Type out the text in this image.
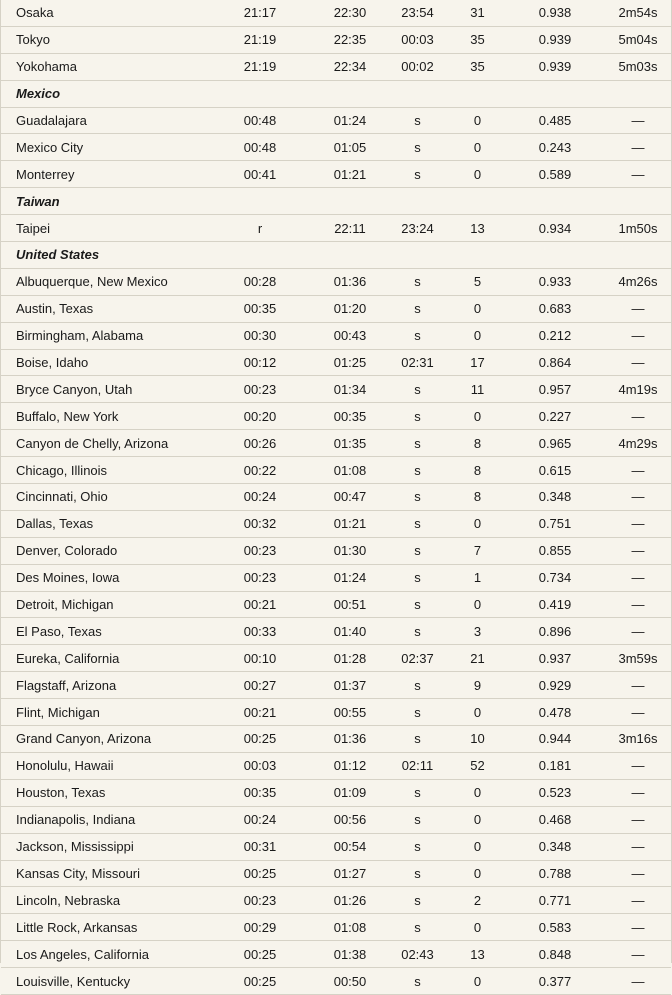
Osaka	21:17	22:30	23:54	31	0.938	2m54s
Tokyo	21:19	22:35	00:03	35	0.939	5m04s
Yokohama	21:19	22:34	00:02	35	0.939	5m03s
Mexico						
Guadalajara	00:48	01:24	s	0	0.485	—
Mexico City	00:48	01:05	s	0	0.243	—
Monterrey	00:41	01:21	s	0	0.589	—
Taiwan						
Taipei	r	22:11	23:24	13	0.934	1m50s
United States						
Albuquerque, New Mexico	00:28	01:36	s	5	0.933	4m26s
Austin, Texas	00:35	01:20	s	0	0.683	—
Birmingham, Alabama	00:30	00:43	s	0	0.212	—
Boise, Idaho	00:12	01:25	02:31	17	0.864	—
Bryce Canyon, Utah	00:23	01:34	s	11	0.957	4m19s
Buffalo, New York	00:20	00:35	s	0	0.227	—
Canyon de Chelly, Arizona	00:26	01:35	s	8	0.965	4m29s
Chicago, Illinois	00:22	01:08	s	8	0.615	—
Cincinnati, Ohio	00:24	00:47	s	8	0.348	—
Dallas, Texas	00:32	01:21	s	0	0.751	—
Denver, Colorado	00:23	01:30	s	7	0.855	—
Des Moines, Iowa	00:23	01:24	s	1	0.734	—
Detroit, Michigan	00:21	00:51	s	0	0.419	—
El Paso, Texas	00:33	01:40	s	3	0.896	—
Eureka, California	00:10	01:28	02:37	21	0.937	3m59s
Flagstaff, Arizona	00:27	01:37	s	9	0.929	—
Flint, Michigan	00:21	00:55	s	0	0.478	—
Grand Canyon, Arizona	00:25	01:36	s	10	0.944	3m16s
Honolulu, Hawaii	00:03	01:12	02:11	52	0.181	—
Houston, Texas	00:35	01:09	s	0	0.523	—
Indianapolis, Indiana	00:24	00:56	s	0	0.468	—
Jackson, Mississippi	00:31	00:54	s	0	0.348	—
Kansas City, Missouri	00:25	01:27	s	0	0.788	—
Lincoln, Nebraska	00:23	01:26	s	2	0.771	—
Little Rock, Arkansas	00:29	01:08	s	0	0.583	—
Los Angeles, California	00:25	01:38	02:43	13	0.848	—
Louisville, Kentucky	00:25	00:50	s	0	0.377	—
